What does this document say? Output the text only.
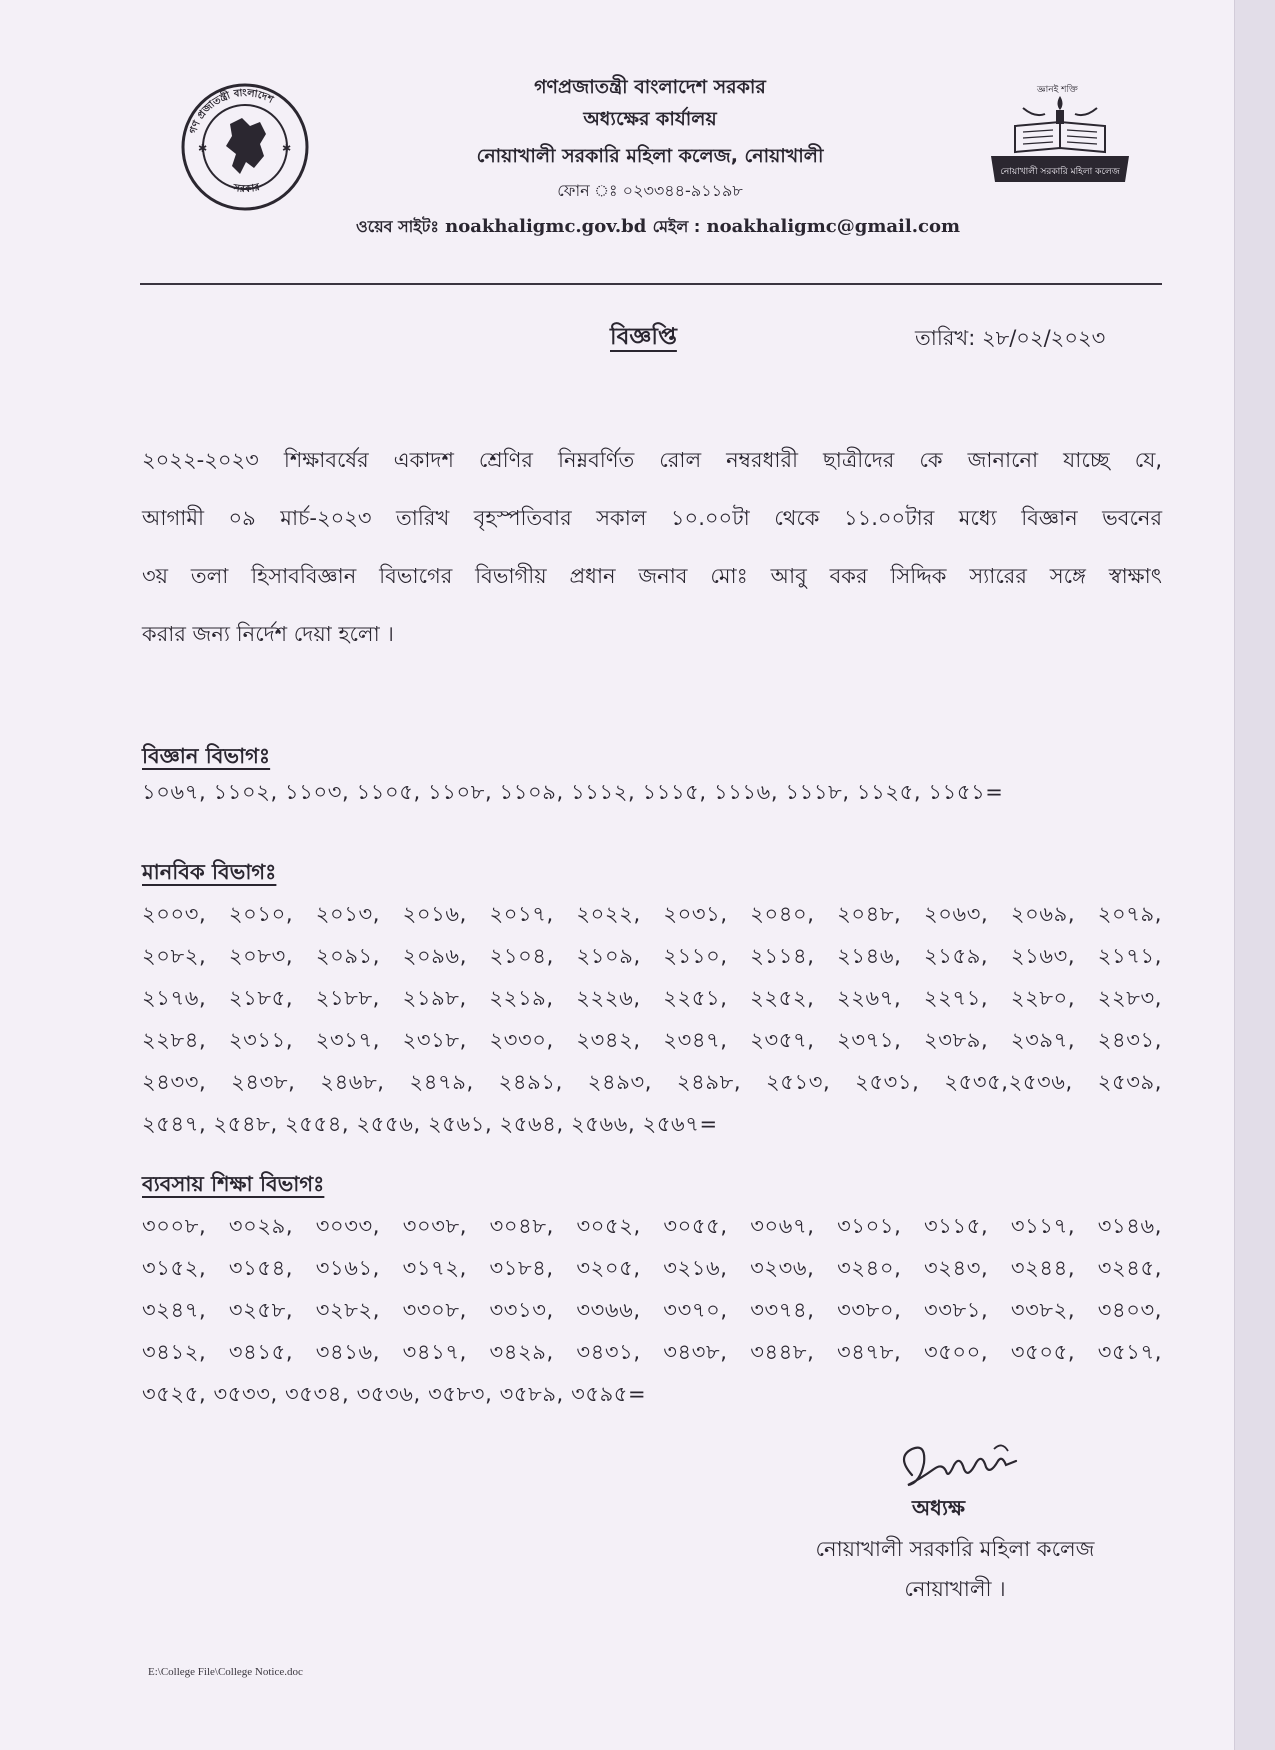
✱	✱
গণ প্রজাতন্ত্রী বাংলাদেশ
সরকার
গণপ্রজাতন্ত্রী বাংলাদেশ সরকার
অধ্যক্ষের কার্যালয়
নোয়াখালী সরকারি মহিলা কলেজ, নোয়াখালী
ফোন ঃ ০২৩৩৪৪-৯১১৯৮
ওয়েব সাইটঃ noakhaligmc.gov.bd মেইল : noakhaligmc@gmail.com
জ্ঞানই শক্তি
নোয়াখালী সরকারি মহিলা কলেজ
বিজ্ঞপ্তি	তারিখ: ২৮/০২/২০২৩
২০২২-২০২৩ শিক্ষাবর্ষের একাদশ শ্রেণির নিম্নবর্ণিত রোল নম্বরধারী ছাত্রীদের কে জানানো যাচ্ছে যে,
আগামী ০৯ মার্চ-২০২৩ তারিখ বৃহস্পতিবার সকাল ১০.০০টা থেকে ১১.০০টার মধ্যে বিজ্ঞান ভবনের
৩য় তলা হিসাববিজ্ঞান বিভাগের বিভাগীয় প্রধান জনাব মোঃ আবু বকর সিদ্দিক স্যারের সঙ্গে স্বাক্ষাৎ
করার জন্য নির্দেশ দেয়া হলো ।
বিজ্ঞান বিভাগঃ
১০৬৭, ১১০২, ১১০৩, ১১০৫, ১১০৮, ১১০৯, ১১১২, ১১১৫, ১১১৬, ১১১৮, ১১২৫, ১১৫১=
মানবিক বিভাগঃ
২০০৩, ২০১০, ২০১৩, ২০১৬, ২০১৭, ২০২২, ২০৩১, ২০৪০, ২০৪৮, ২০৬৩, ২০৬৯, ২০৭৯,
২০৮২, ২০৮৩, ২০৯১, ২০৯৬, ২১০৪, ২১০৯, ২১১০, ২১১৪, ২১৪৬, ২১৫৯, ২১৬৩, ২১৭১,
২১৭৬, ২১৮৫, ২১৮৮, ২১৯৮, ২২১৯, ২২২৬, ২২৫১, ২২৫২, ২২৬৭, ২২৭১, ২২৮০, ২২৮৩,
২২৮৪, ২৩১১, ২৩১৭, ২৩১৮, ২৩৩০, ২৩৪২, ২৩৪৭, ২৩৫৭, ২৩৭১, ২৩৮৯, ২৩৯৭, ২৪৩১,
২৪৩৩, ২৪৩৮, ২৪৬৮, ২৪৭৯, ২৪৯১, ২৪৯৩, ২৪৯৮, ২৫১৩, ২৫৩১, ২৫৩৫,২৫৩৬, ২৫৩৯,
২৫৪৭, ২৫৪৮, ২৫৫৪, ২৫৫৬, ২৫৬১, ২৫৬৪, ২৫৬৬, ২৫৬৭=
ব্যবসায় শিক্ষা বিভাগঃ
৩০০৮, ৩০২৯, ৩০৩৩, ৩০৩৮, ৩০৪৮, ৩০৫২, ৩০৫৫, ৩০৬৭, ৩১০১, ৩১১৫, ৩১১৭, ৩১৪৬,
৩১৫২, ৩১৫৪, ৩১৬১, ৩১৭২, ৩১৮৪, ৩২০৫, ৩২১৬, ৩২৩৬, ৩২৪০, ৩২৪৩, ৩২৪৪, ৩২৪৫,
৩২৪৭, ৩২৫৮, ৩২৮২, ৩৩০৮, ৩৩১৩, ৩৩৬৬, ৩৩৭০, ৩৩৭৪, ৩৩৮০, ৩৩৮১, ৩৩৮২, ৩৪০৩,
৩৪১২, ৩৪১৫, ৩৪১৬, ৩৪১৭, ৩৪২৯, ৩৪৩১, ৩৪৩৮, ৩৪৪৮, ৩৪৭৮, ৩৫০০, ৩৫০৫, ৩৫১৭,
৩৫২৫, ৩৫৩৩, ৩৫৩৪, ৩৫৩৬, ৩৫৮৩, ৩৫৮৯, ৩৫৯৫=
অধ্যক্ষ
নোয়াখালী সরকারি মহিলা কলেজ
নোয়াখালী ।
E:\College File\College Notice.doc
